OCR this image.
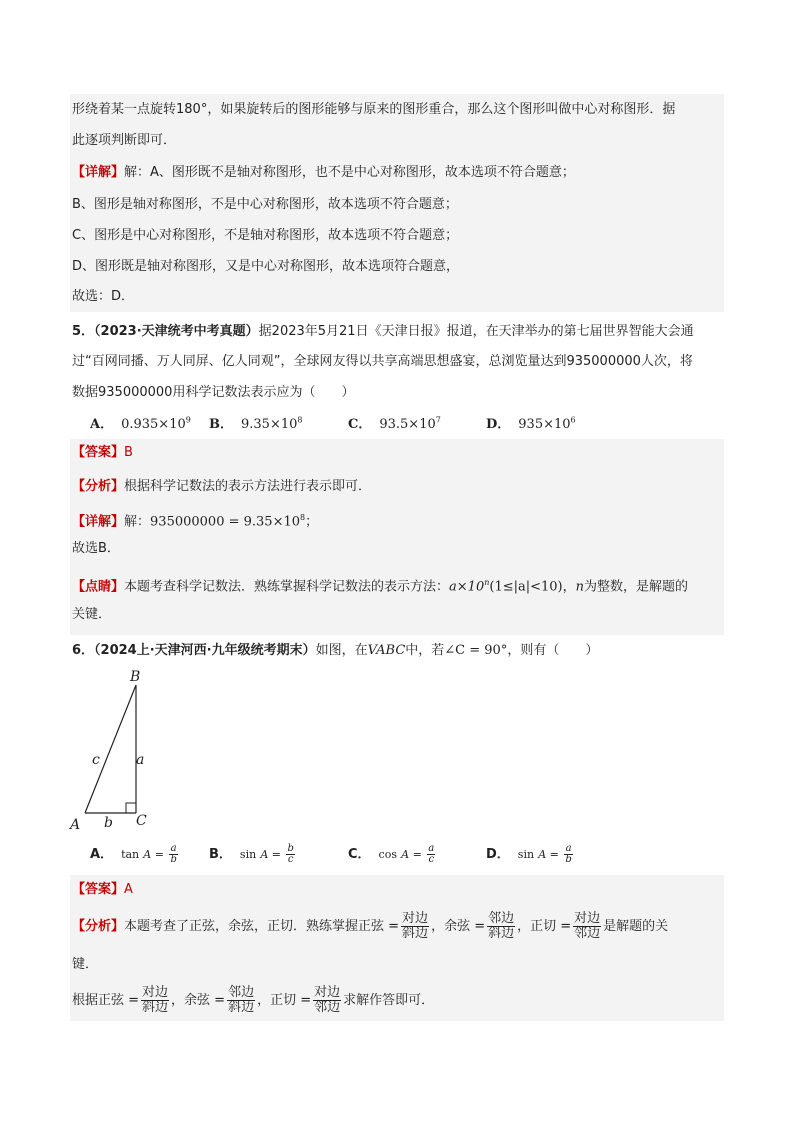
形绕着某一点旋转180°，如果旋转后的图形能够与原来的图形重合，那么这个图形叫做中心对称图形．据
此逐项判断即可．
【详解】解：A、图形既不是轴对称图形，也不是中心对称图形，故本选项不符合题意；
B、图形是轴对称图形，不是中心对称图形，故本选项不符合题意；
C、图形是中心对称图形，不是轴对称图形，故本选项不符合题意；
D、图形既是轴对称图形，又是中心对称图形，故本选项符合题意，
故选：D．
5．（2023·天津统考中考真题）据2023年5月21日《天津日报》报道，在天津举办的第七届世界智能大会通
过“百网同播、万人同屏、亿人同观”，全球网友得以共享高端思想盛宴，总浏览量达到935000000人次，将
数据935000000用科学记数法表示应为（　　）
A． $0.935\times 10^9$ B． $9.35\times 10^8$	C． $93.5\times 10^7$	D． $935\times 10^6$
【答案】B
【分析】根据科学记数法的表示方法进行表示即可．
【详解】解：$935000000 = 9.35\times 10^8$；
故选B．
【点睛】本题考查科学记数法．熟练掌握科学记数法的表示方法：$a\times 10^n(1\le|a|<10)$，n为整数，是解题的
关键．
6．（2024上·天津河西·九年级统考期末）如图，在VABC中，若∠C = 90°，则有（　　）
B
A	C
c	a
b
A． $\tan A = \frac{a}{b}$ B． $\sin A = \frac{b}{c}$	C． $\cos A = \frac{a}{c}$	D． $\sin A = \frac{a}{b}$
【答案】A
【分析】本题考查了正弦，余弦，正切．熟练掌握正弦 = $\frac{\text{对边}}{\text{斜边}}$ ，余弦 = $\frac{\text{邻边}}{\text{斜边}}$ ，正切 = $\frac{\text{对边}}{\text{邻边}}$ 是解题的关
键．
根据正弦 = $\frac{\text{对边}}{\text{斜边}}$ ，余弦 = $\frac{\text{邻边}}{\text{斜边}}$ ，正切 = $\frac{\text{对边}}{\text{邻边}}$ 求解作答即可．
